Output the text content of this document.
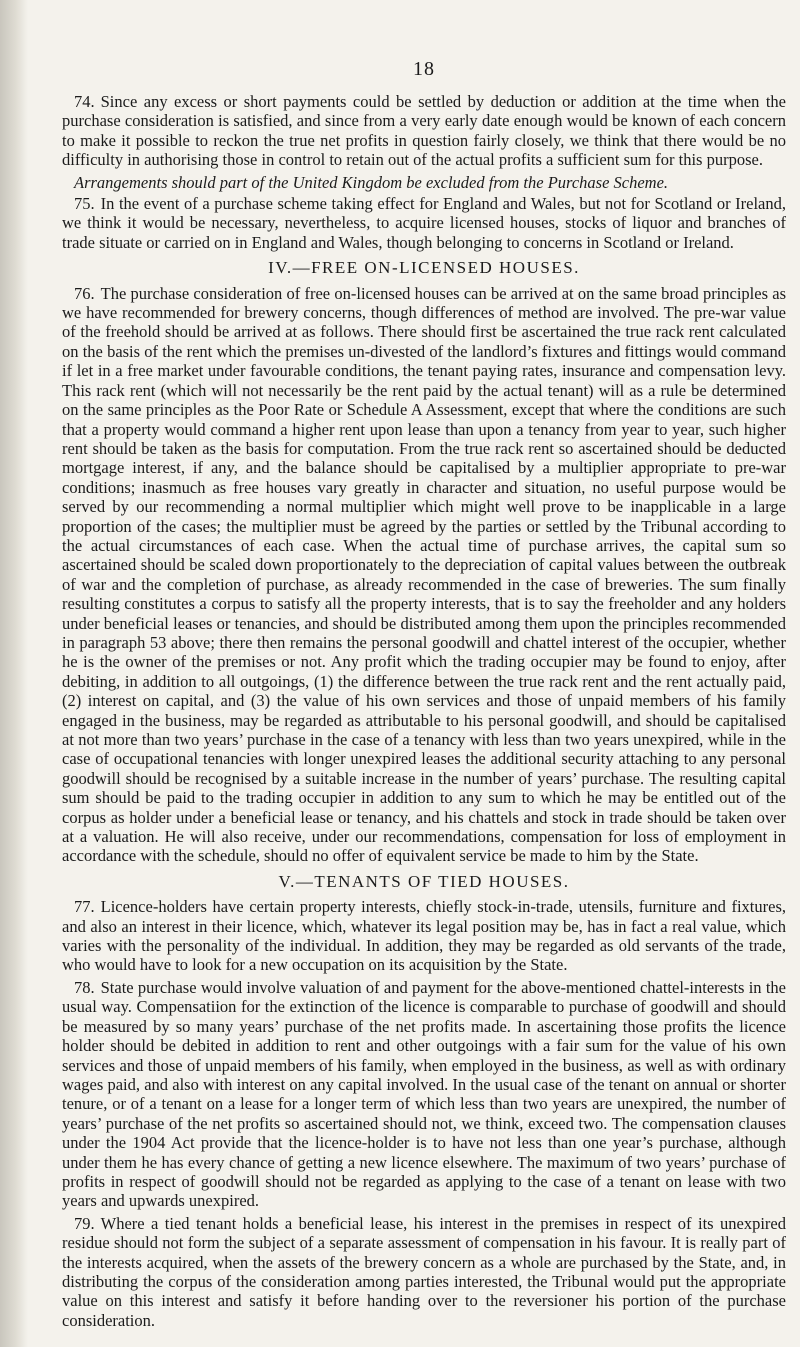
18

74. Since any excess or short payments could be settled by deduction or addition at the time when the purchase consideration is satisfied, and since from a very early date enough would be known of each concern to make it possible to reckon the true net profits in question fairly closely, we think that there would be no difficulty in authorising those in control to retain out of the actual profits a sufficient sum for this purpose.

Arrangements should part of the United Kingdom be excluded from the Purchase Scheme.

75. In the event of a purchase scheme taking effect for England and Wales, but not for Scotland or Ireland, we think it would be necessary, nevertheless, to acquire licensed houses, stocks of liquor and branches of trade situate or carried on in England and Wales, though belonging to concerns in Scotland or Ireland.

IV.—FREE ON-LICENSED HOUSES.

76. The purchase consideration of free on-licensed houses can be arrived at on the same broad principles as we have recommended for brewery concerns, though differences of method are involved. The pre-war value of the freehold should be arrived at as follows. There should first be ascertained the true rack rent calculated on the basis of the rent which the premises un-divested of the landlord’s fixtures and fittings would command if let in a free market under favourable conditions, the tenant paying rates, insurance and compensation levy. This rack rent (which will not necessarily be the rent paid by the actual tenant) will as a rule be determined on the same principles as the Poor Rate or Schedule A Assessment, except that where the conditions are such that a property would command a higher rent upon lease than upon a tenancy from year to year, such higher rent should be taken as the basis for computation. From the true rack rent so ascertained should be deducted mortgage interest, if any, and the balance should be capitalised by a multiplier appropriate to pre-war conditions; inasmuch as free houses vary greatly in character and situation, no useful purpose would be served by our recommending a normal multiplier which might well prove to be inapplicable in a large proportion of the cases; the multiplier must be agreed by the parties or settled by the Tribunal according to the actual circumstances of each case. When the actual time of purchase arrives, the capital sum so ascertained should be scaled down proportionately to the depreciation of capital values between the outbreak of war and the completion of purchase, as already recommended in the case of breweries. The sum finally resulting constitutes a corpus to satisfy all the property interests, that is to say the freeholder and any holders under beneficial leases or tenancies, and should be distributed among them upon the principles recommended in paragraph 53 above; there then remains the personal goodwill and chattel interest of the occupier, whether he is the owner of the premises or not. Any profit which the trading occupier may be found to enjoy, after debiting, in addition to all outgoings, (1) the difference between the true rack rent and the rent actually paid, (2) interest on capital, and (3) the value of his own services and those of unpaid members of his family engaged in the business, may be regarded as attributable to his personal goodwill, and should be capitalised at not more than two years’ purchase in the case of a tenancy with less than two years unexpired, while in the case of occupational tenancies with longer unexpired leases the additional security attaching to any personal goodwill should be recognised by a suitable increase in the number of years’ purchase. The resulting capital sum should be paid to the trading occupier in addition to any sum to which he may be entitled out of the corpus as holder under a beneficial lease or tenancy, and his chattels and stock in trade should be taken over at a valuation. He will also receive, under our recommendations, compensation for loss of employment in accordance with the schedule, should no offer of equivalent service be made to him by the State.

V.—TENANTS OF TIED HOUSES.

77. Licence-holders have certain property interests, chiefly stock-in-trade, utensils, furniture and fixtures, and also an interest in their licence, which, whatever its legal position may be, has in fact a real value, which varies with the personality of the individual. In addition, they may be regarded as old servants of the trade, who would have to look for a new occupation on its acquisition by the State.

78. State purchase would involve valuation of and payment for the above-mentioned chattel-interests in the usual way. Compensatiion for the extinction of the licence is comparable to purchase of goodwill and should be measured by so many years’ purchase of the net profits made. In ascertaining those profits the licence holder should be debited in addition to rent and other outgoings with a fair sum for the value of his own services and those of unpaid members of his family, when employed in the business, as well as with ordinary wages paid, and also with interest on any capital involved. In the usual case of the tenant on annual or shorter tenure, or of a tenant on a lease for a longer term of which less than two years are unexpired, the number of years’ purchase of the net profits so ascertained should not, we think, exceed two. The compensation clauses under the 1904 Act provide that the licence-holder is to have not less than one year’s purchase, although under them he has every chance of getting a new licence elsewhere. The maximum of two years’ purchase of profits in respect of goodwill should not be regarded as applying to the case of a tenant on lease with two years and upwards unexpired.

79. Where a tied tenant holds a beneficial lease, his interest in the premises in respect of its unexpired residue should not form the subject of a separate assessment of compensation in his favour. It is really part of the interests acquired, when the assets of the brewery concern as a whole are purchased by the State, and, in distributing the corpus of the consideration among parties interested, the Tribunal would put the appropriate value on this interest and satisfy it before handing over to the reversioner his portion of the purchase consideration.
